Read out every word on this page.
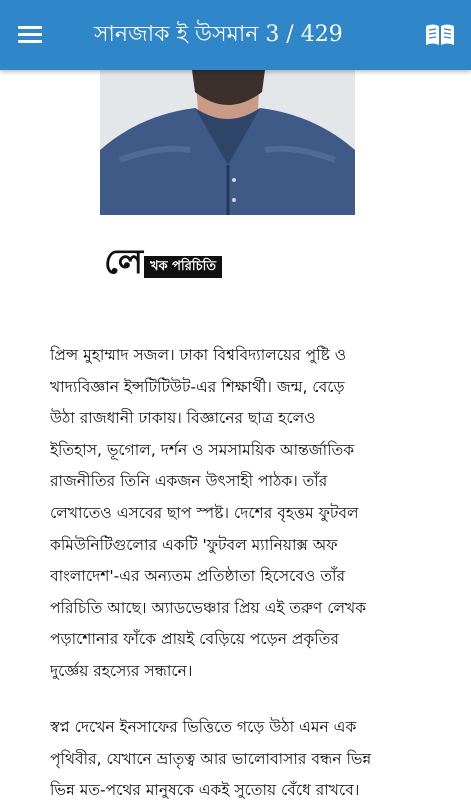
সানজাক ই উসমান 3 / 429
লে খক পরিচিতি
প্রিন্স মুহাম্মাদ সজল। ঢাকা বিশ্ববিদ্যালয়ের পুষ্টি ও
খাদ্যবিজ্ঞান ইন্সটিটিউট-এর শিক্ষার্থী। জন্ম, বেড়ে
উঠা রাজধানী ঢাকায়। বিজ্ঞানের ছাত্র হলেও
ইতিহাস, ভূগোল, দর্শন ও সমসাময়িক আন্তর্জাতিক
রাজনীতির তিনি একজন উৎসাহী পাঠক। তাঁর
লেখাতেও এসবের ছাপ স্পষ্ট। দেশের বৃহত্তম ফুটবল
কমিউনিটিগুলোর একটি 'ফুটবল ম্যানিয়াক্স অফ
বাংলাদেশ'-এর অন্যতম প্রতিষ্ঠাতা হিসেবেও তাঁর
পরিচিতি আছে। অ্যাডভেঞ্চার প্রিয় এই তরুণ লেখক
পড়াশোনার ফাঁকে প্রায়ই বেড়িয়ে পড়েন প্রকৃতির
দুর্জ্ঞেয় রহস্যের সন্ধানে।
স্বপ্ন দেখেন ইনসাফের ভিত্তিতে গড়ে উঠা এমন এক
পৃথিবীর, যেখানে ভ্রাতৃত্ব আর ভালোবাসার বন্ধন ভিন্ন
ভিন্ন মত-পথের মানুষকে একই সুতোয় বেঁধে রাখবে।
